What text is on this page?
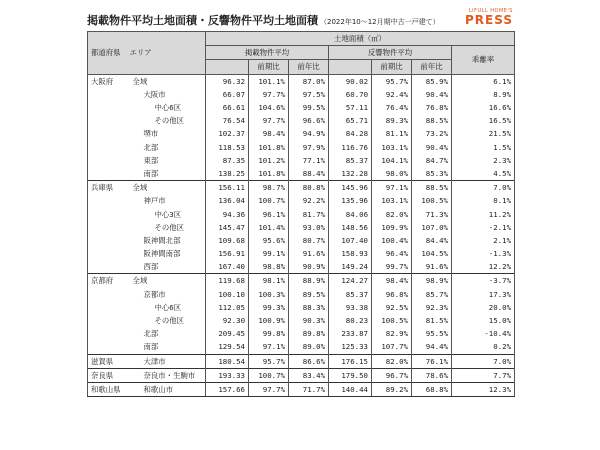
掲載物件平均土地面積・反響物件平均土地面積 （2022年10～12月期中古一戸建て）
LIFULL HOME'S
PRESS
都道府県 エリア		土地面積（㎡）						
		掲載物件平均			反響物件平均			乖離率
			前期比	前年比		前期比	前年比	
大阪府	全域	96.32	101.1%	87.0%	90.02	95.7%	85.9%	6.1%
	大阪市	66.07	97.7%	97.5%	60.70	92.4%	90.4%	8.9%
	中心6区	66.61	104.6%	99.5%	57.11	76.4%	76.8%	16.6%
	その他区	76.54	97.7%	96.6%	65.71	89.3%	88.5%	16.5%
	堺市	102.37	98.4%	94.9%	84.28	81.1%	73.2%	21.5%
	北部	118.53	101.8%	97.9%	116.76	103.1%	90.4%	1.5%
	東部	87.35	101.2%	77.1%	85.37	104.1%	84.7%	2.3%
	南部	138.25	101.8%	88.4%	132.28	98.0%	85.3%	4.5%
兵庫県	全域	156.11	98.7%	80.8%	145.96	97.1%	88.5%	7.0%
	神戸市	136.04	100.7%	92.2%	135.96	103.1%	100.5%	0.1%
	中心3区	94.36	96.1%	81.7%	84.06	82.0%	71.3%	11.2%
	その他区	145.47	101.4%	93.0%	148.56	109.9%	107.0%	-2.1%
	阪神間北部	109.68	95.6%	80.7%	107.40	100.4%	84.4%	2.1%
	阪神間南部	156.91	99.1%	91.6%	158.93	96.4%	104.5%	-1.3%
	西部	167.40	98.8%	90.9%	149.24	99.7%	91.6%	12.2%
京都府	全域	119.68	98.1%	88.9%	124.27	98.4%	98.9%	-3.7%
	京都市	100.10	100.3%	89.5%	85.37	96.8%	85.7%	17.3%
	中心6区	112.05	99.3%	88.3%	93.38	92.5%	92.3%	20.0%
	その他区	92.30	100.9%	90.3%	80.23	100.5%	81.5%	15.0%
	北部	209.45	99.8%	89.8%	233.87	82.9%	95.5%	-10.4%
	南部	129.54	97.1%	89.0%	125.33	107.7%	94.4%	0.2%
滋賀県	大津市	180.54	95.7%	86.6%	176.15	82.0%	76.1%	7.0%
奈良県	奈良市・生駒市	193.33	100.7%	83.4%	179.50	96.7%	78.6%	7.7%
和歌山県	和歌山市	157.66	97.7%	71.7%	140.44	89.2%	68.8%	12.3%
